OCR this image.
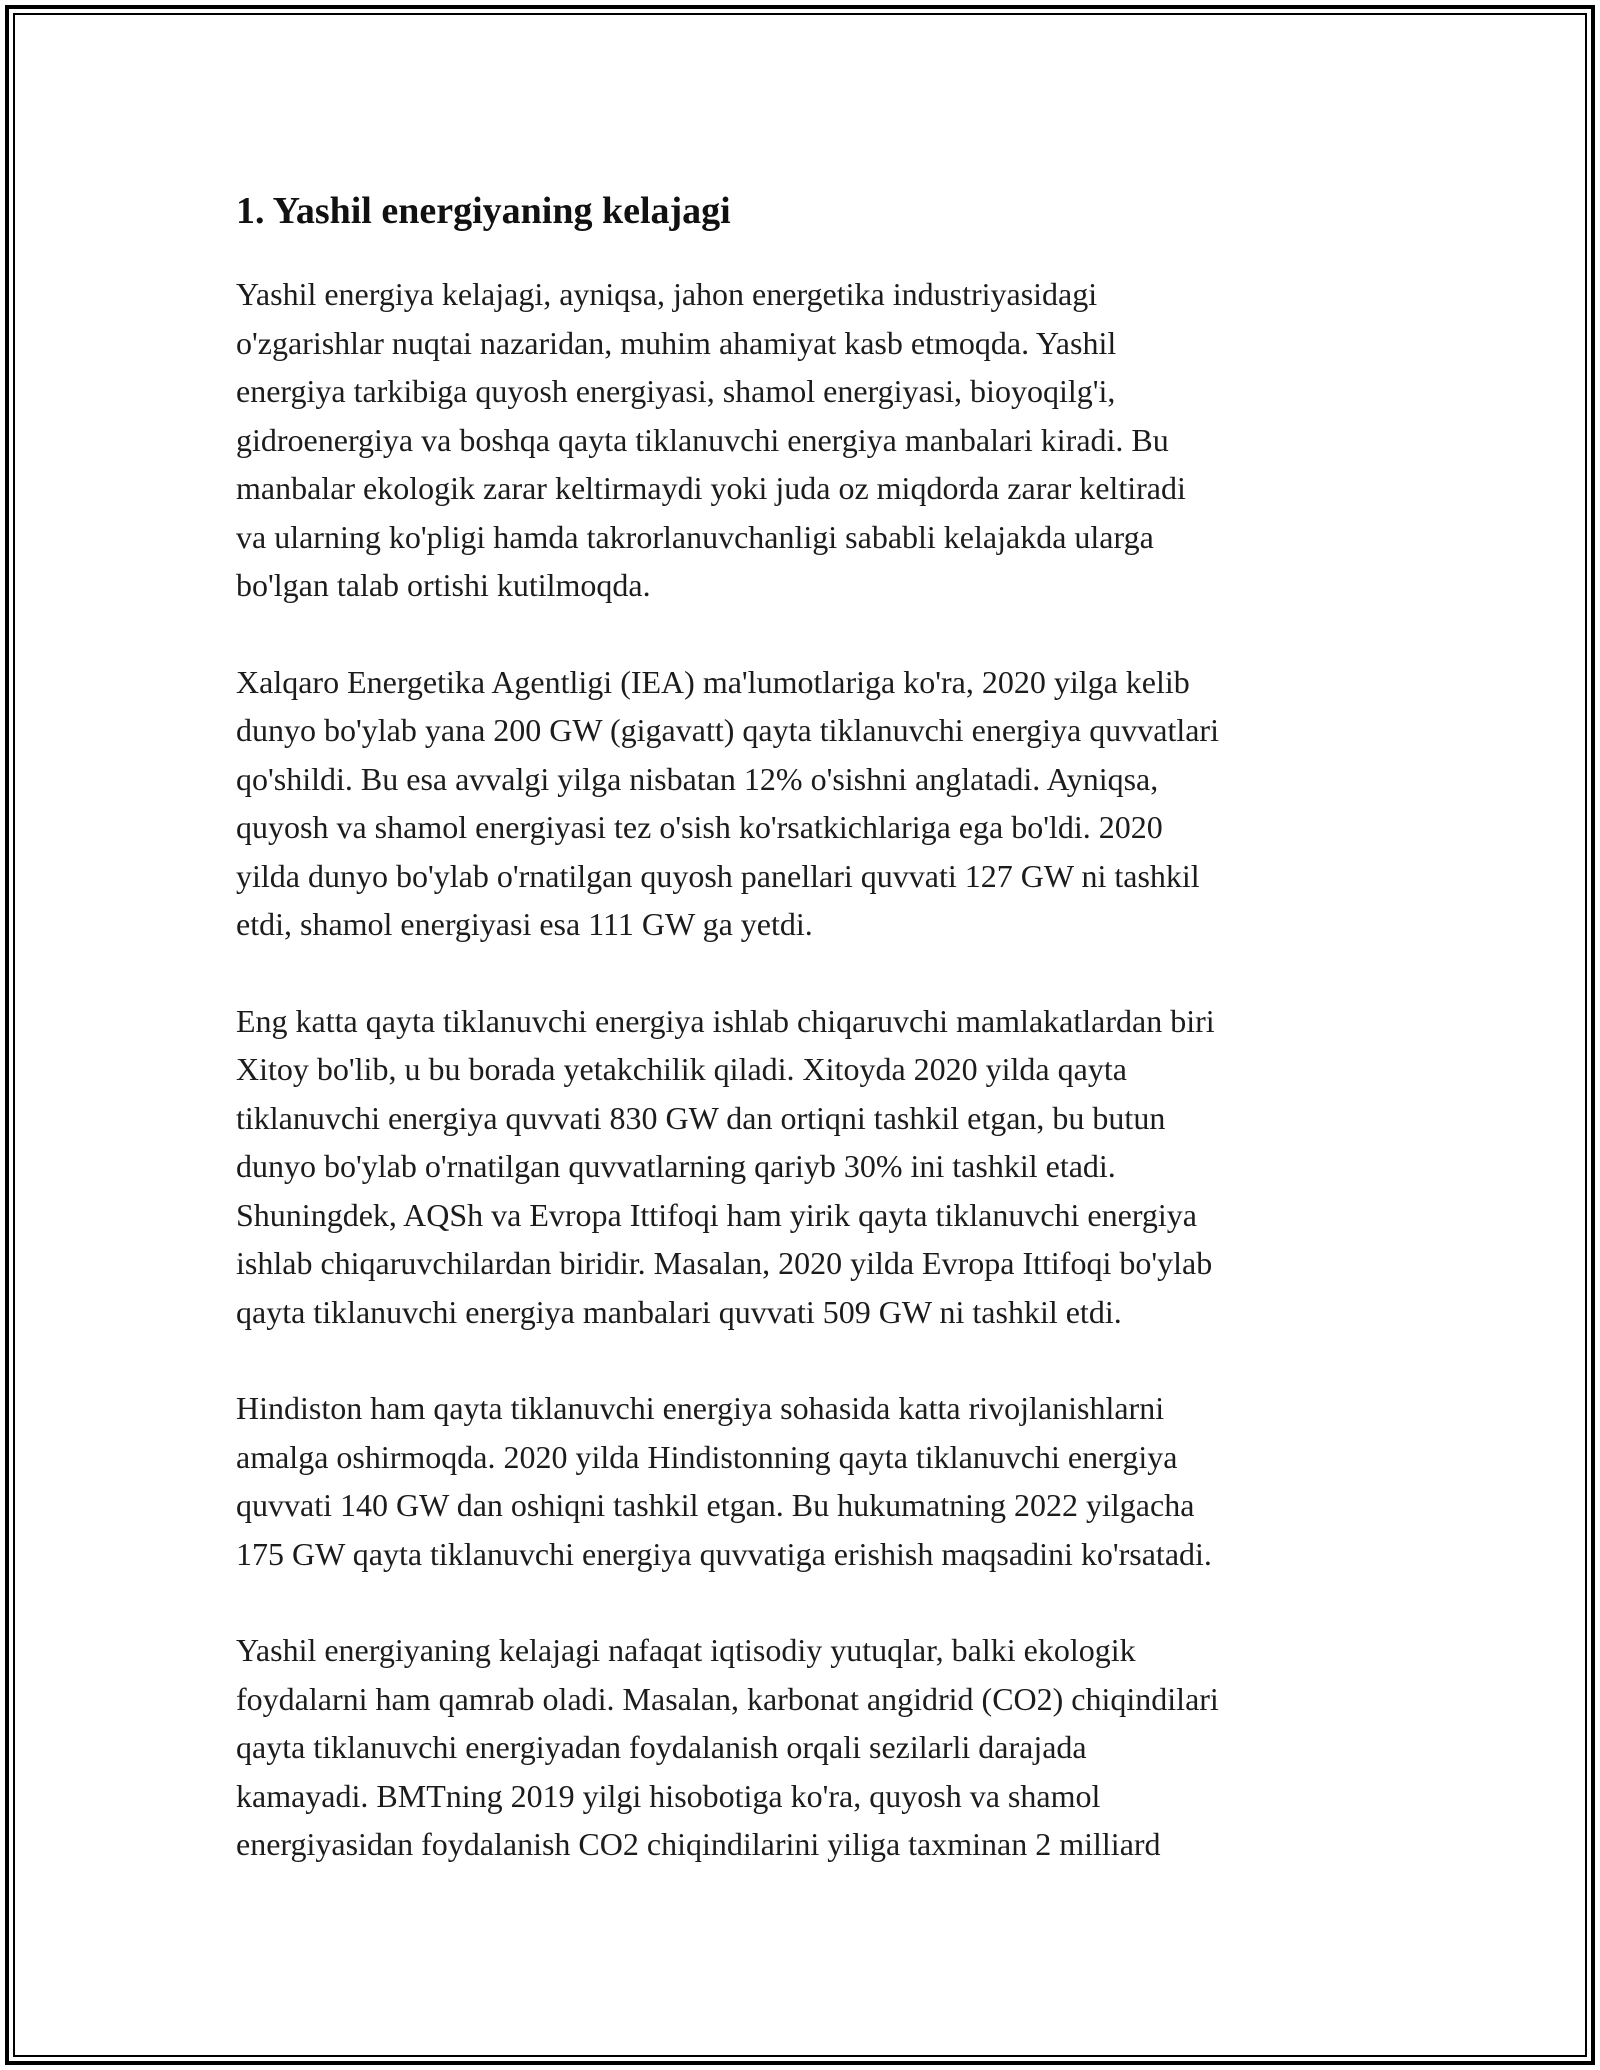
1. Yashil energiyaning kelajagi

Yashil energiya kelajagi, ayniqsa, jahon energetika industriyasidagi
o'zgarishlar nuqtai nazaridan, muhim ahamiyat kasb etmoqda. Yashil
energiya tarkibiga quyosh energiyasi, shamol energiyasi, bioyoqilg'i,
gidroenergiya va boshqa qayta tiklanuvchi energiya manbalari kiradi. Bu
manbalar ekologik zarar keltirmaydi yoki juda oz miqdorda zarar keltiradi
va ularning ko'pligi hamda takrorlanuvchanligi sababli kelajakda ularga
bo'lgan talab ortishi kutilmoqda.

Xalqaro Energetika Agentligi (IEA) ma'lumotlariga ko'ra, 2020 yilga kelib
dunyo bo'ylab yana 200 GW (gigavatt) qayta tiklanuvchi energiya quvvatlari
qo'shildi. Bu esa avvalgi yilga nisbatan 12% o'sishni anglatadi. Ayniqsa,
quyosh va shamol energiyasi tez o'sish ko'rsatkichlariga ega bo'ldi. 2020
yilda dunyo bo'ylab o'rnatilgan quyosh panellari quvvati 127 GW ni tashkil
etdi, shamol energiyasi esa 111 GW ga yetdi.

Eng katta qayta tiklanuvchi energiya ishlab chiqaruvchi mamlakatlardan biri
Xitoy bo'lib, u bu borada yetakchilik qiladi. Xitoyda 2020 yilda qayta
tiklanuvchi energiya quvvati 830 GW dan ortiqni tashkil etgan, bu butun
dunyo bo'ylab o'rnatilgan quvvatlarning qariyb 30% ini tashkil etadi.
Shuningdek, AQSh va Evropa Ittifoqi ham yirik qayta tiklanuvchi energiya
ishlab chiqaruvchilardan biridir. Masalan, 2020 yilda Evropa Ittifoqi bo'ylab
qayta tiklanuvchi energiya manbalari quvvati 509 GW ni tashkil etdi.

Hindiston ham qayta tiklanuvchi energiya sohasida katta rivojlanishlarni
amalga oshirmoqda. 2020 yilda Hindistonning qayta tiklanuvchi energiya
quvvati 140 GW dan oshiqni tashkil etgan. Bu hukumatning 2022 yilgacha
175 GW qayta tiklanuvchi energiya quvvatiga erishish maqsadini ko'rsatadi.

Yashil energiyaning kelajagi nafaqat iqtisodiy yutuqlar, balki ekologik
foydalarni ham qamrab oladi. Masalan, karbonat angidrid (CO2) chiqindilari
qayta tiklanuvchi energiyadan foydalanish orqali sezilarli darajada
kamayadi. BMTning 2019 yilgi hisobotiga ko'ra, quyosh va shamol
energiyasidan foydalanish CO2 chiqindilarini yiliga taxminan 2 milliard
